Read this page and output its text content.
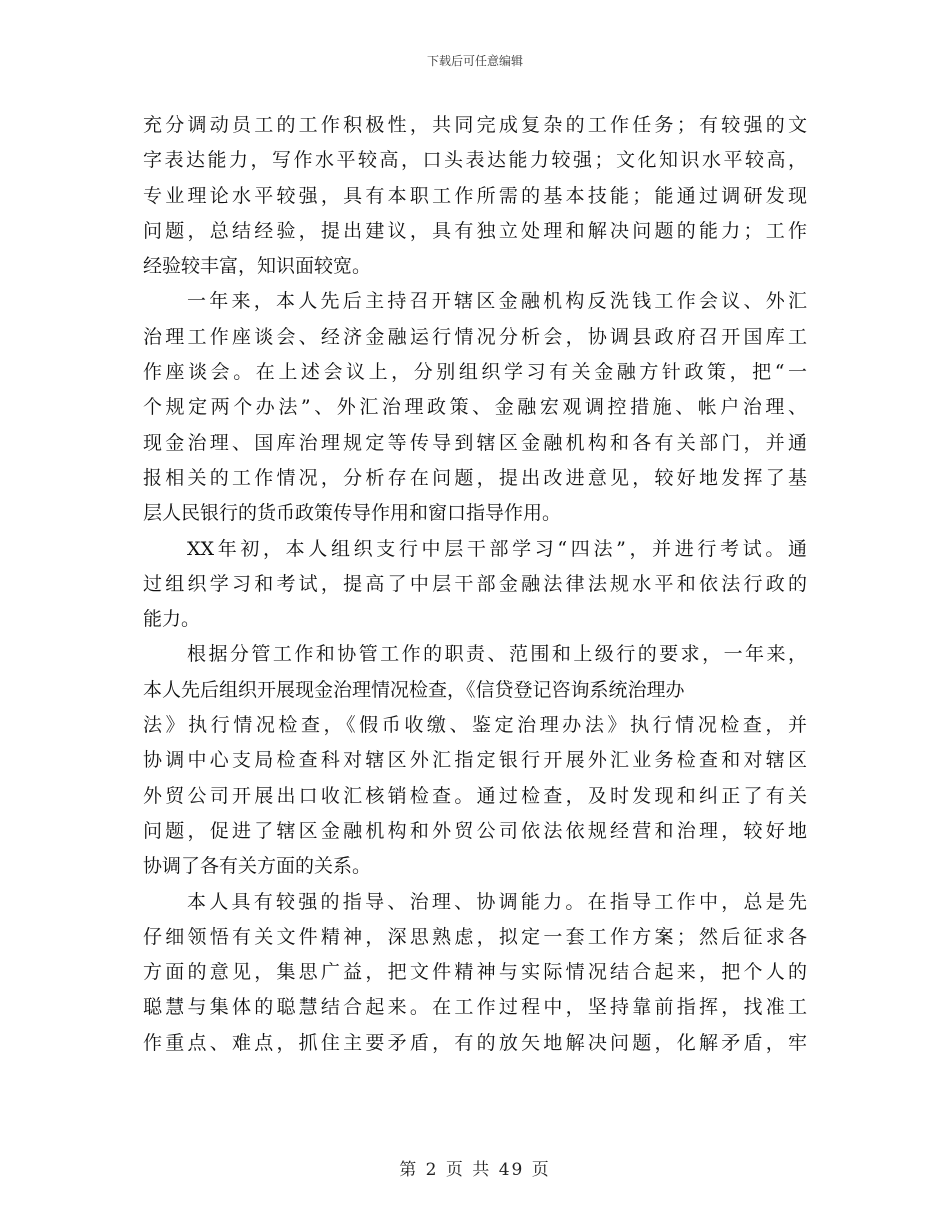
下载后可任意编辑
充分调动员工的工作积极性，共同完成复杂的工作任务；有较强的文
字表达能力，写作水平较高，口头表达能力较强；文化知识水平较高，
专业理论水平较强，具有本职工作所需的基本技能；能通过调研发现
问题，总结经验，提出建议，具有独立处理和解决问题的能力；工作
经验较丰富，知识面较宽。
一年来，本人先后主持召开辖区金融机构反洗钱工作会议、外汇
治理工作座谈会、经济金融运行情况分析会，协调县政府召开国库工
作座谈会。在上述会议上，分别组织学习有关金融方针政策，把“一
个规定两个办法”、外汇治理政策、金融宏观调控措施、帐户治理、
现金治理、国库治理规定等传导到辖区金融机构和各有关部门，并通
报相关的工作情况，分析存在问题，提出改进意见，较好地发挥了基
层人民银行的货币政策传导作用和窗口指导作用。
XX年初，本人组织支行中层干部学习“四法”，并进行考试。通
过组织学习和考试，提高了中层干部金融法律法规水平和依法行政的
能力。
根据分管工作和协管工作的职责、范围和上级行的要求，一年来，
本人先后组织开展现金治理情况检查，《信贷登记咨询系统治理办
法》执行情况检查，《假币收缴、鉴定治理办法》执行情况检查，并
协调中心支局检查科对辖区外汇指定银行开展外汇业务检查和对辖区
外贸公司开展出口收汇核销检查。通过检查，及时发现和纠正了有关
问题，促进了辖区金融机构和外贸公司依法依规经营和治理，较好地
协调了各有关方面的关系。
本人具有较强的指导、治理、协调能力。在指导工作中，总是先
仔细领悟有关文件精神，深思熟虑，拟定一套工作方案；然后征求各
方面的意见，集思广益，把文件精神与实际情况结合起来，把个人的
聪慧与集体的聪慧结合起来。在工作过程中，坚持靠前指挥，找准工
作重点、难点，抓住主要矛盾，有的放矢地解决问题，化解矛盾，牢
第 2 页 共 49 页
